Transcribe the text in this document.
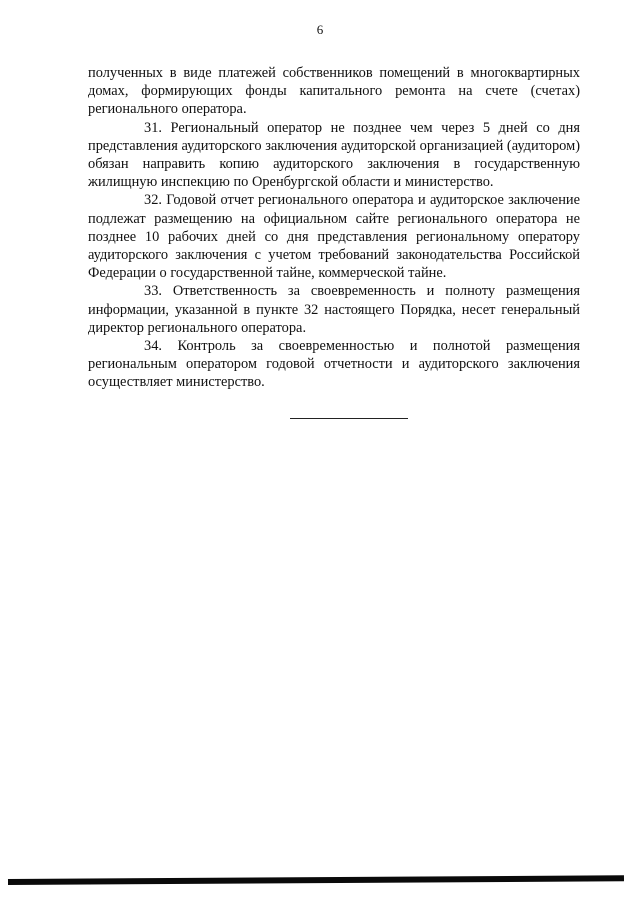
6

полученных в виде платежей собственников помещений в многоквартирных домах, формирующих фонды капитального ремонта на счете (счетах) регионального оператора.

31. Региональный оператор не позднее чем через 5 дней со дня представления аудиторского заключения аудиторской организацией (аудитором) обязан направить копию аудиторского заключения в государственную жилищную инспекцию по Оренбургской области и министерство.

32. Годовой отчет регионального оператора и аудиторское заключение подлежат размещению на официальном сайте регионального оператора не позднее 10 рабочих дней со дня представления региональному оператору аудиторского заключения с учетом требований законодательства Российской Федерации о государственной тайне, коммерческой тайне.

33. Ответственность за своевременность и полноту размещения информации, указанной в пункте 32 настоящего Порядка, несет генеральный директор регионального оператора.

34. Контроль за своевременностью и полнотой размещения региональным оператором годовой отчетности и аудиторского заключения осуществляет министерство.
